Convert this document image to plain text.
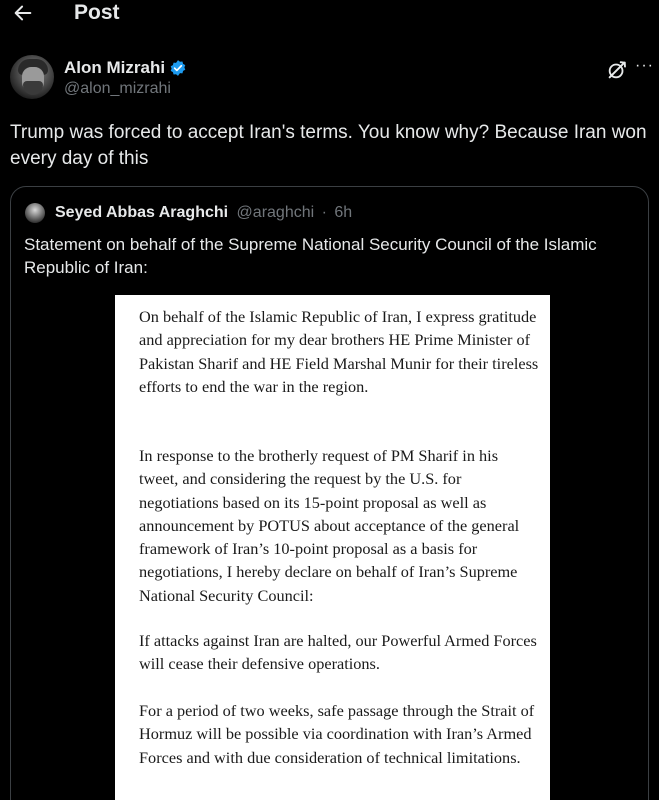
Post
Alon Mizrahi
@alon_mizrahi
···
Trump was forced to accept Iran's terms. You know why? Because Iran won every day of this
Seyed Abbas Araghchi @araghchi · 6h
Statement on behalf of the Supreme National Security Council of the Islamic Republic of Iran:

On behalf of the Islamic Republic of Iran, I express gratitude and appreciation for my dear brothers HE Prime Minister of Pakistan Sharif and HE Field Marshal Munir for their tireless efforts to end the war in the region.

In response to the brotherly request of PM Sharif in his tweet, and considering the request by the U.S. for negotiations based on its 15-point proposal as well as announcement by POTUS about acceptance of the general framework of Iran’s 10-point proposal as a basis for negotiations, I hereby declare on behalf of Iran’s Supreme National Security Council:

If attacks against Iran are halted, our Powerful Armed Forces will cease their defensive operations.

For a period of two weeks, safe passage through the Strait of Hormuz will be possible via coordination with Iran’s Armed Forces and with due consideration of technical limitations.
